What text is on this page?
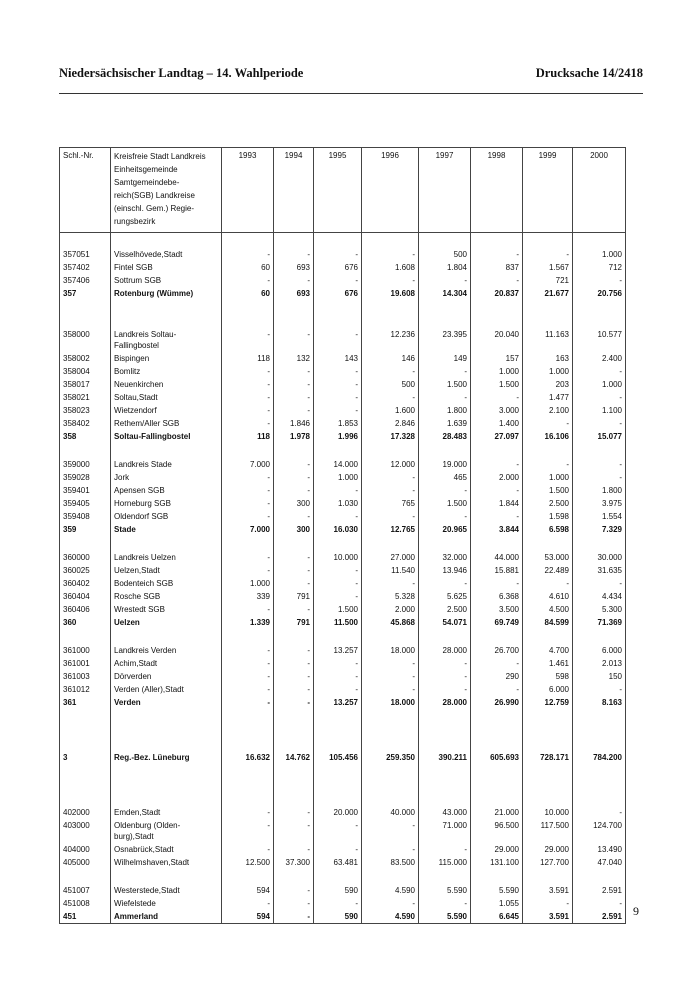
Niedersächsischer Landtag – 14. Wahlperiode	Drucksache 14/2418
Schl.-Nr.	Kreisfreie Stadt Landkreis Einheitsgemeinde Samtgemeindebe-reich(SGB) Landkreise (einschl. Gem.) Regie-rungsbezirk	1993	1994	1995	1996	1997	1998	1999	2000

357051	Visselhövede,Stadt	-	-	-	-	500	-	-	1.000
357402	Fintel SGB	60	693	676	1.608	1.804	837	1.567	712
357406	Sottrum SGB	-	-	-	-	-	-	721	-
357	Rotenburg (Wümme)	60	693	676	19.608	14.304	20.837	21.677	20.756

358000	Landkreis Soltau-Fallingbostel	-	-	-	12.236	23.395	20.040	11.163	10.577
358002	Bispingen	118	132	143	146	149	157	163	2.400
358004	Bomlitz	-	-	-	-	-	1.000	1.000	-
358017	Neuenkirchen	-	-	-	500	1.500	1.500	203	1.000
358021	Soltau,Stadt	-	-	-	-	-	-	1.477	-
358023	Wietzendorf	-	-	-	1.600	1.800	3.000	2.100	1.100
358402	Rethem/Aller SGB	-	1.846	1.853	2.846	1.639	1.400	-	-
358	Soltau-Fallingbostel	118	1.978	1.996	17.328	28.483	27.097	16.106	15.077

359000	Landkreis Stade	7.000	-	14.000	12.000	19.000	-	-	-
359028	Jork	-	-	1.000	-	465	2.000	1.000	-
359401	Apensen SGB	-	-	-	-	-	-	1.500	1.800
359405	Horneburg SGB	-	300	1.030	765	1.500	1.844	2.500	3.975
359408	Oldendorf SGB	-	-	-	-	-	-	1.598	1.554
359	Stade	7.000	300	16.030	12.765	20.965	3.844	6.598	7.329

360000	Landkreis Uelzen	-	-	10.000	27.000	32.000	44.000	53.000	30.000
360025	Uelzen,Stadt	-	-	-	11.540	13.946	15.881	22.489	31.635
360402	Bodenteich SGB	1.000	-	-	-	-	-	-	-
360404	Rosche SGB	339	791	-	5.328	5.625	6.368	4.610	4.434
360406	Wrestedt SGB	-	-	1.500	2.000	2.500	3.500	4.500	5.300
360	Uelzen	1.339	791	11.500	45.868	54.071	69.749	84.599	71.369

361000	Landkreis Verden	-	-	13.257	18.000	28.000	26.700	4.700	6.000
361001	Achim,Stadt	-	-	-	-	-	-	1.461	2.013
361003	Dörverden	-	-	-	-	-	290	598	150
361012	Verden (Aller),Stadt	-	-	-	-	-	-	6.000	-
361	Verden	-	-	13.257	18.000	28.000	26.990	12.759	8.163

3	Reg.-Bez. Lüneburg	16.632	14.762	105.456	259.350	390.211	605.693	728.171	784.200

402000	Emden,Stadt	-	-	20.000	40.000	43.000	21.000	10.000	-
403000	Oldenburg (Olden-burg),Stadt	-	-	-	-	71.000	96.500	117.500	124.700
404000	Osnabrück,Stadt	-	-	-	-	-	29.000	29.000	13.490
405000	Wilhelmshaven,Stadt	12.500	37.300	63.481	83.500	115.000	131.100	127.700	47.040

451007	Westerstede,Stadt	594	-	590	4.590	5.590	5.590	3.591	2.591
451008	Wiefelstede	-	-	-	-	-	1.055	-	-
451	Ammerland	594	-	590	4.590	5.590	6.645	3.591	2.591 9
